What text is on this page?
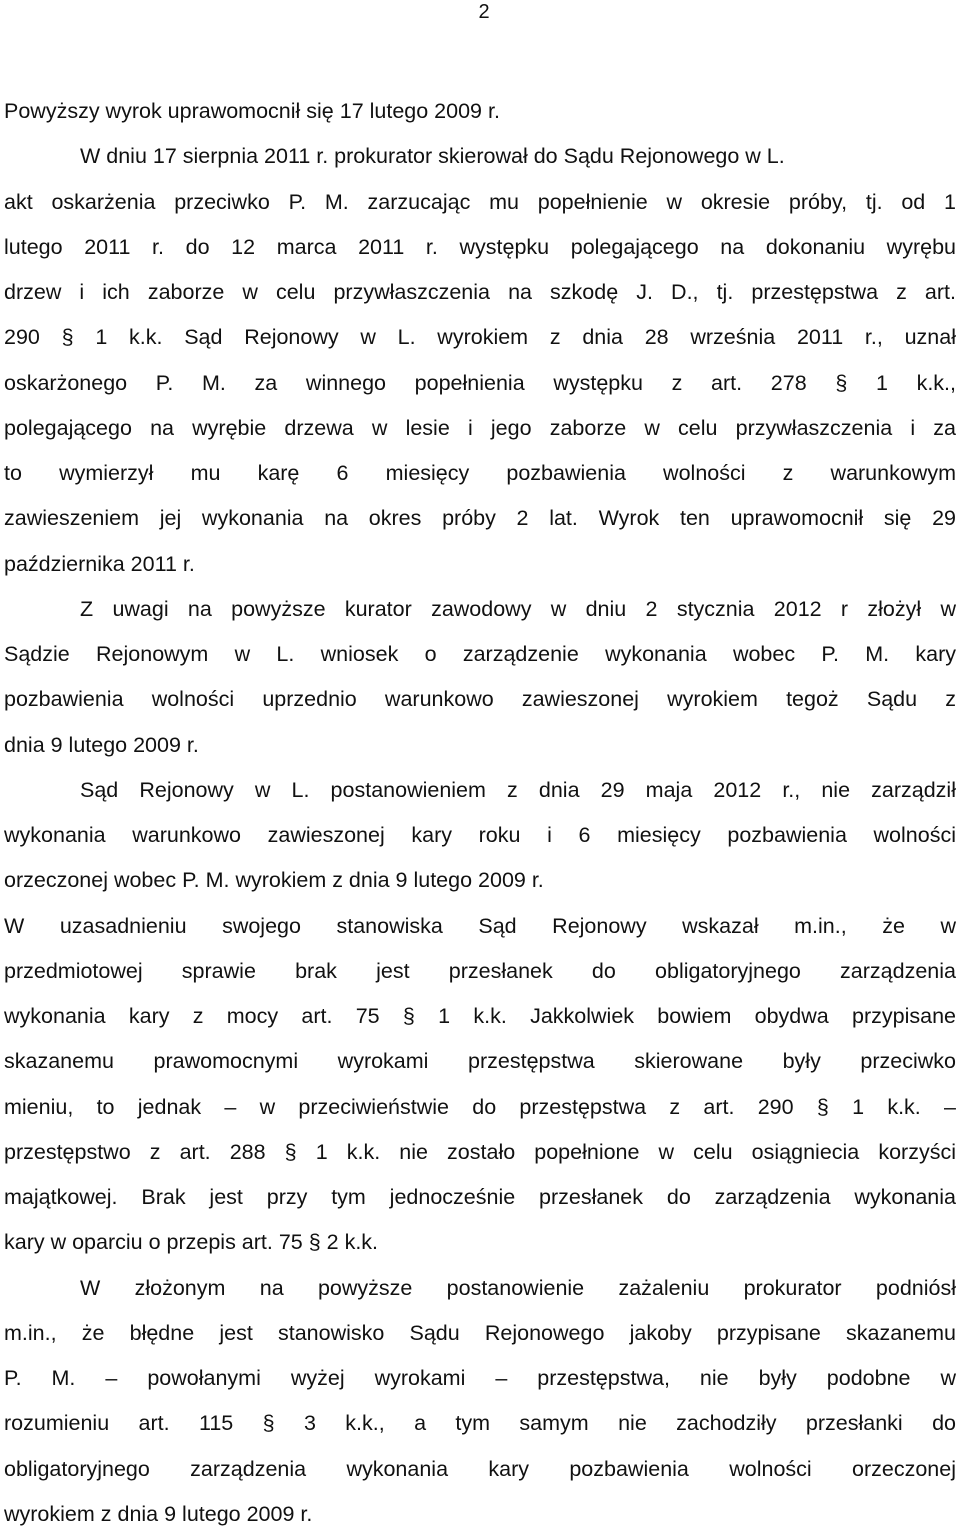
2
Powyższy wyrok uprawomocnił się 17 lutego 2009 r.
W dniu 17 sierpnia 2011 r. prokurator skierował do Sądu Rejonowego w L.
akt oskarżenia przeciwko P. M. zarzucając mu popełnienie w okresie próby, tj. od 1
lutego 2011 r. do 12 marca 2011 r. występku polegającego na dokonaniu wyrębu
drzew i ich zaborze w celu przywłaszczenia na szkodę J. D., tj. przestępstwa z art.
290 § 1 k.k. Sąd Rejonowy w L. wyrokiem z dnia 28 września 2011 r., uznał
oskarżonego P. M. za winnego popełnienia występku z art. 278 § 1 k.k.,
polegającego na wyrębie drzewa w lesie i jego zaborze w celu przywłaszczenia i za
to wymierzył mu karę 6 miesięcy pozbawienia wolności z warunkowym
zawieszeniem jej wykonania na okres próby 2 lat. Wyrok ten uprawomocnił się 29
października 2011 r.
Z uwagi na powyższe kurator zawodowy w dniu 2 stycznia 2012 r złożył w
Sądzie Rejonowym w L. wniosek o zarządzenie wykonania wobec P. M. kary
pozbawienia wolności uprzednio warunkowo zawieszonej wyrokiem tegoż Sądu z
dnia 9 lutego 2009 r.
Sąd Rejonowy w L. postanowieniem z dnia 29 maja 2012 r., nie zarządził
wykonania warunkowo zawieszonej kary roku i 6 miesięcy pozbawienia wolności
orzeczonej wobec P. M. wyrokiem z dnia 9 lutego 2009 r.
W uzasadnieniu swojego stanowiska Sąd Rejonowy wskazał m.in., że w
przedmiotowej sprawie brak jest przesłanek do obligatoryjnego zarządzenia
wykonania kary z mocy art. 75 § 1 k.k. Jakkolwiek bowiem obydwa przypisane
skazanemu prawomocnymi wyrokami przestępstwa skierowane były przeciwko
mieniu, to jednak – w przeciwieństwie do przestępstwa z art. 290 § 1 k.k. –
przestępstwo z art. 288 § 1 k.k. nie zostało popełnione w celu osiągniecia korzyści
majątkowej. Brak jest przy tym jednocześnie przesłanek do zarządzenia wykonania
kary w oparciu o przepis art. 75 § 2 k.k.
W złożonym na powyższe postanowienie zażaleniu prokurator podniósł
m.in., że błędne jest stanowisko Sądu Rejonowego jakoby przypisane skazanemu
P. M. – powołanymi wyżej wyrokami – przestępstwa, nie były podobne w
rozumieniu art. 115 § 3 k.k., a tym samym nie zachodziły przesłanki do
obligatoryjnego zarządzenia wykonania kary pozbawienia wolności orzeczonej
wyrokiem z dnia 9 lutego 2009 r.
